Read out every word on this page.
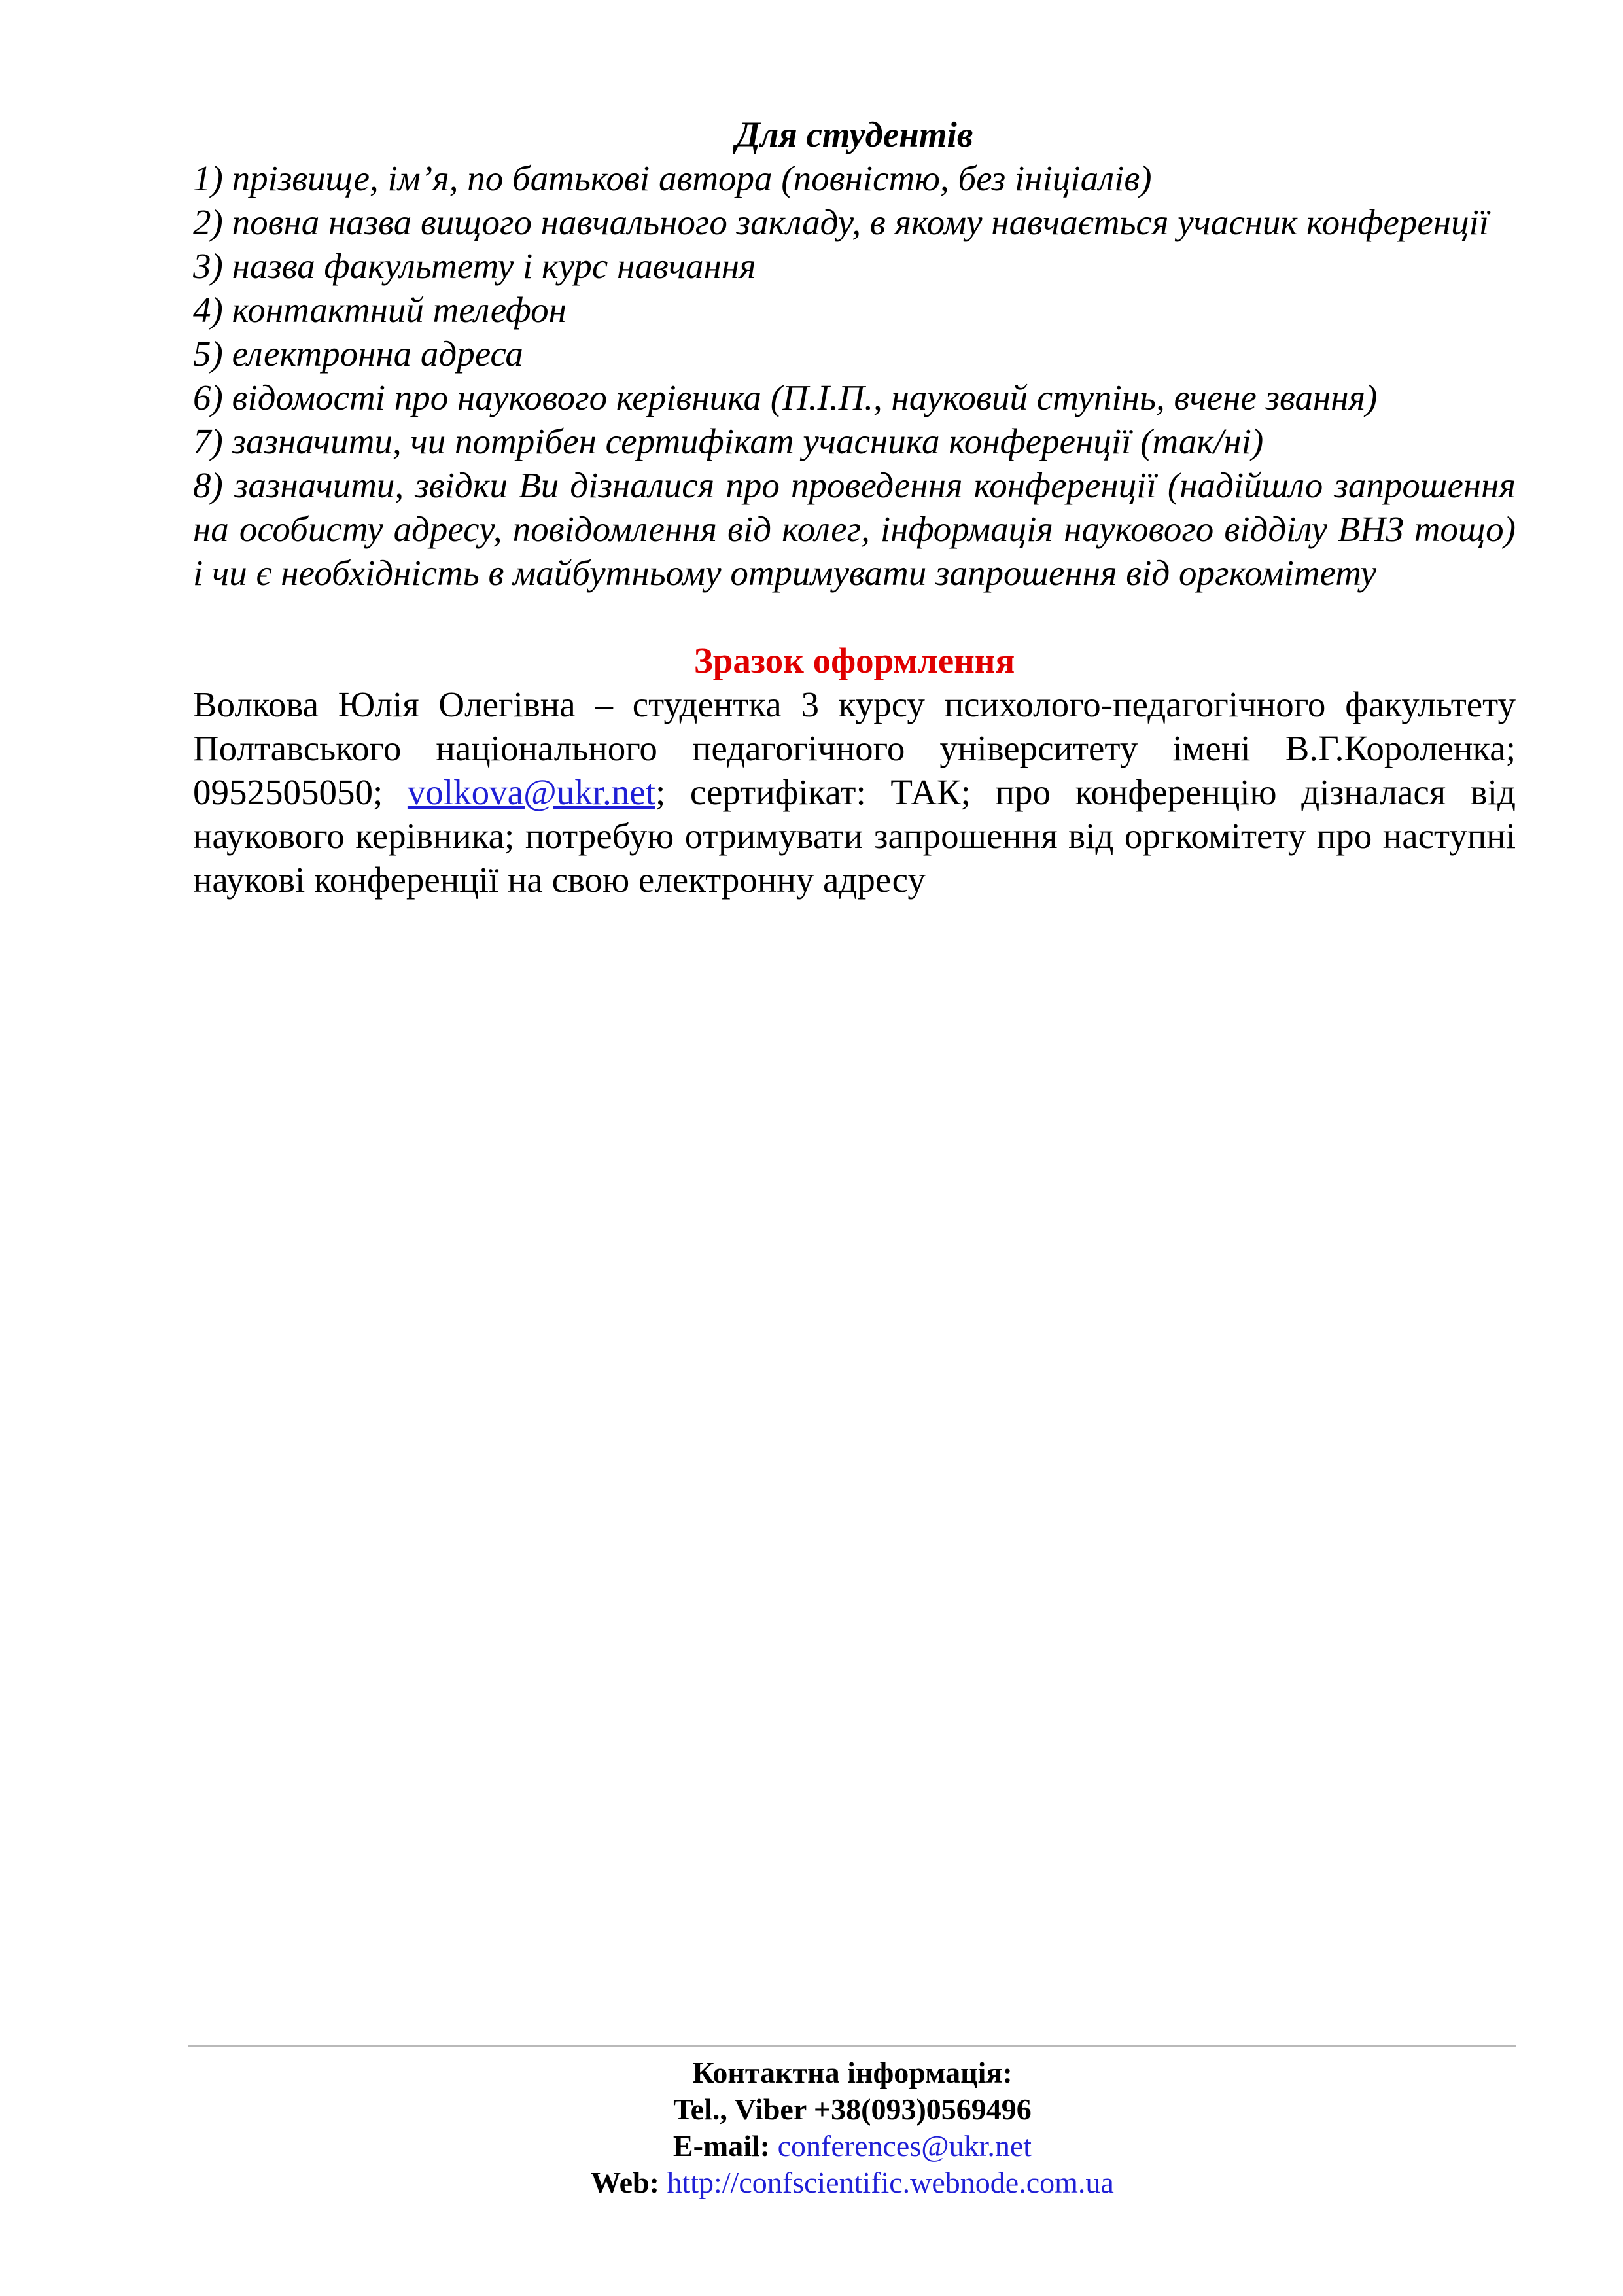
Для студентів
1) прізвище, ім’я, по батькові автора (повністю, без ініціалів)
2) повна назва вищого навчального закладу, в якому навчається учасник конференції
3) назва факультету і курс навчання
4) контактний телефон
5) електронна адреса
6) відомості про наукового керівника (П.І.П., науковий ступінь, вчене звання)
7) зазначити, чи потрібен сертифікат учасника конференції (так/ні)
8) зазначити, звідки Ви дізналися про проведення конференції (надійшло запрошення на особисту адресу, повідомлення від колег, інформація наукового відділу ВНЗ тощо) і чи є необхідність в майбутньому отримувати запрошення від оргкомітету
Зразок оформлення

Волкова Юлія Олегівна – студентка 3 курсу психолого-педагогічного факультету Полтавського національного педагогічного університету імені В.Г.Короленка; 0952505050; volkova@ukr.net; сертифікат: ТАК; про конференцію дізналася від наукового керівника; потребую отримувати запрошення від оргкомітету про наступні наукові конференції на свою електронну адресу

Контактна інформація:
Tel., Viber +38(093)0569496
E-mail: conferences@ukr.net
Web: http://confscientific.webnode.com.ua
